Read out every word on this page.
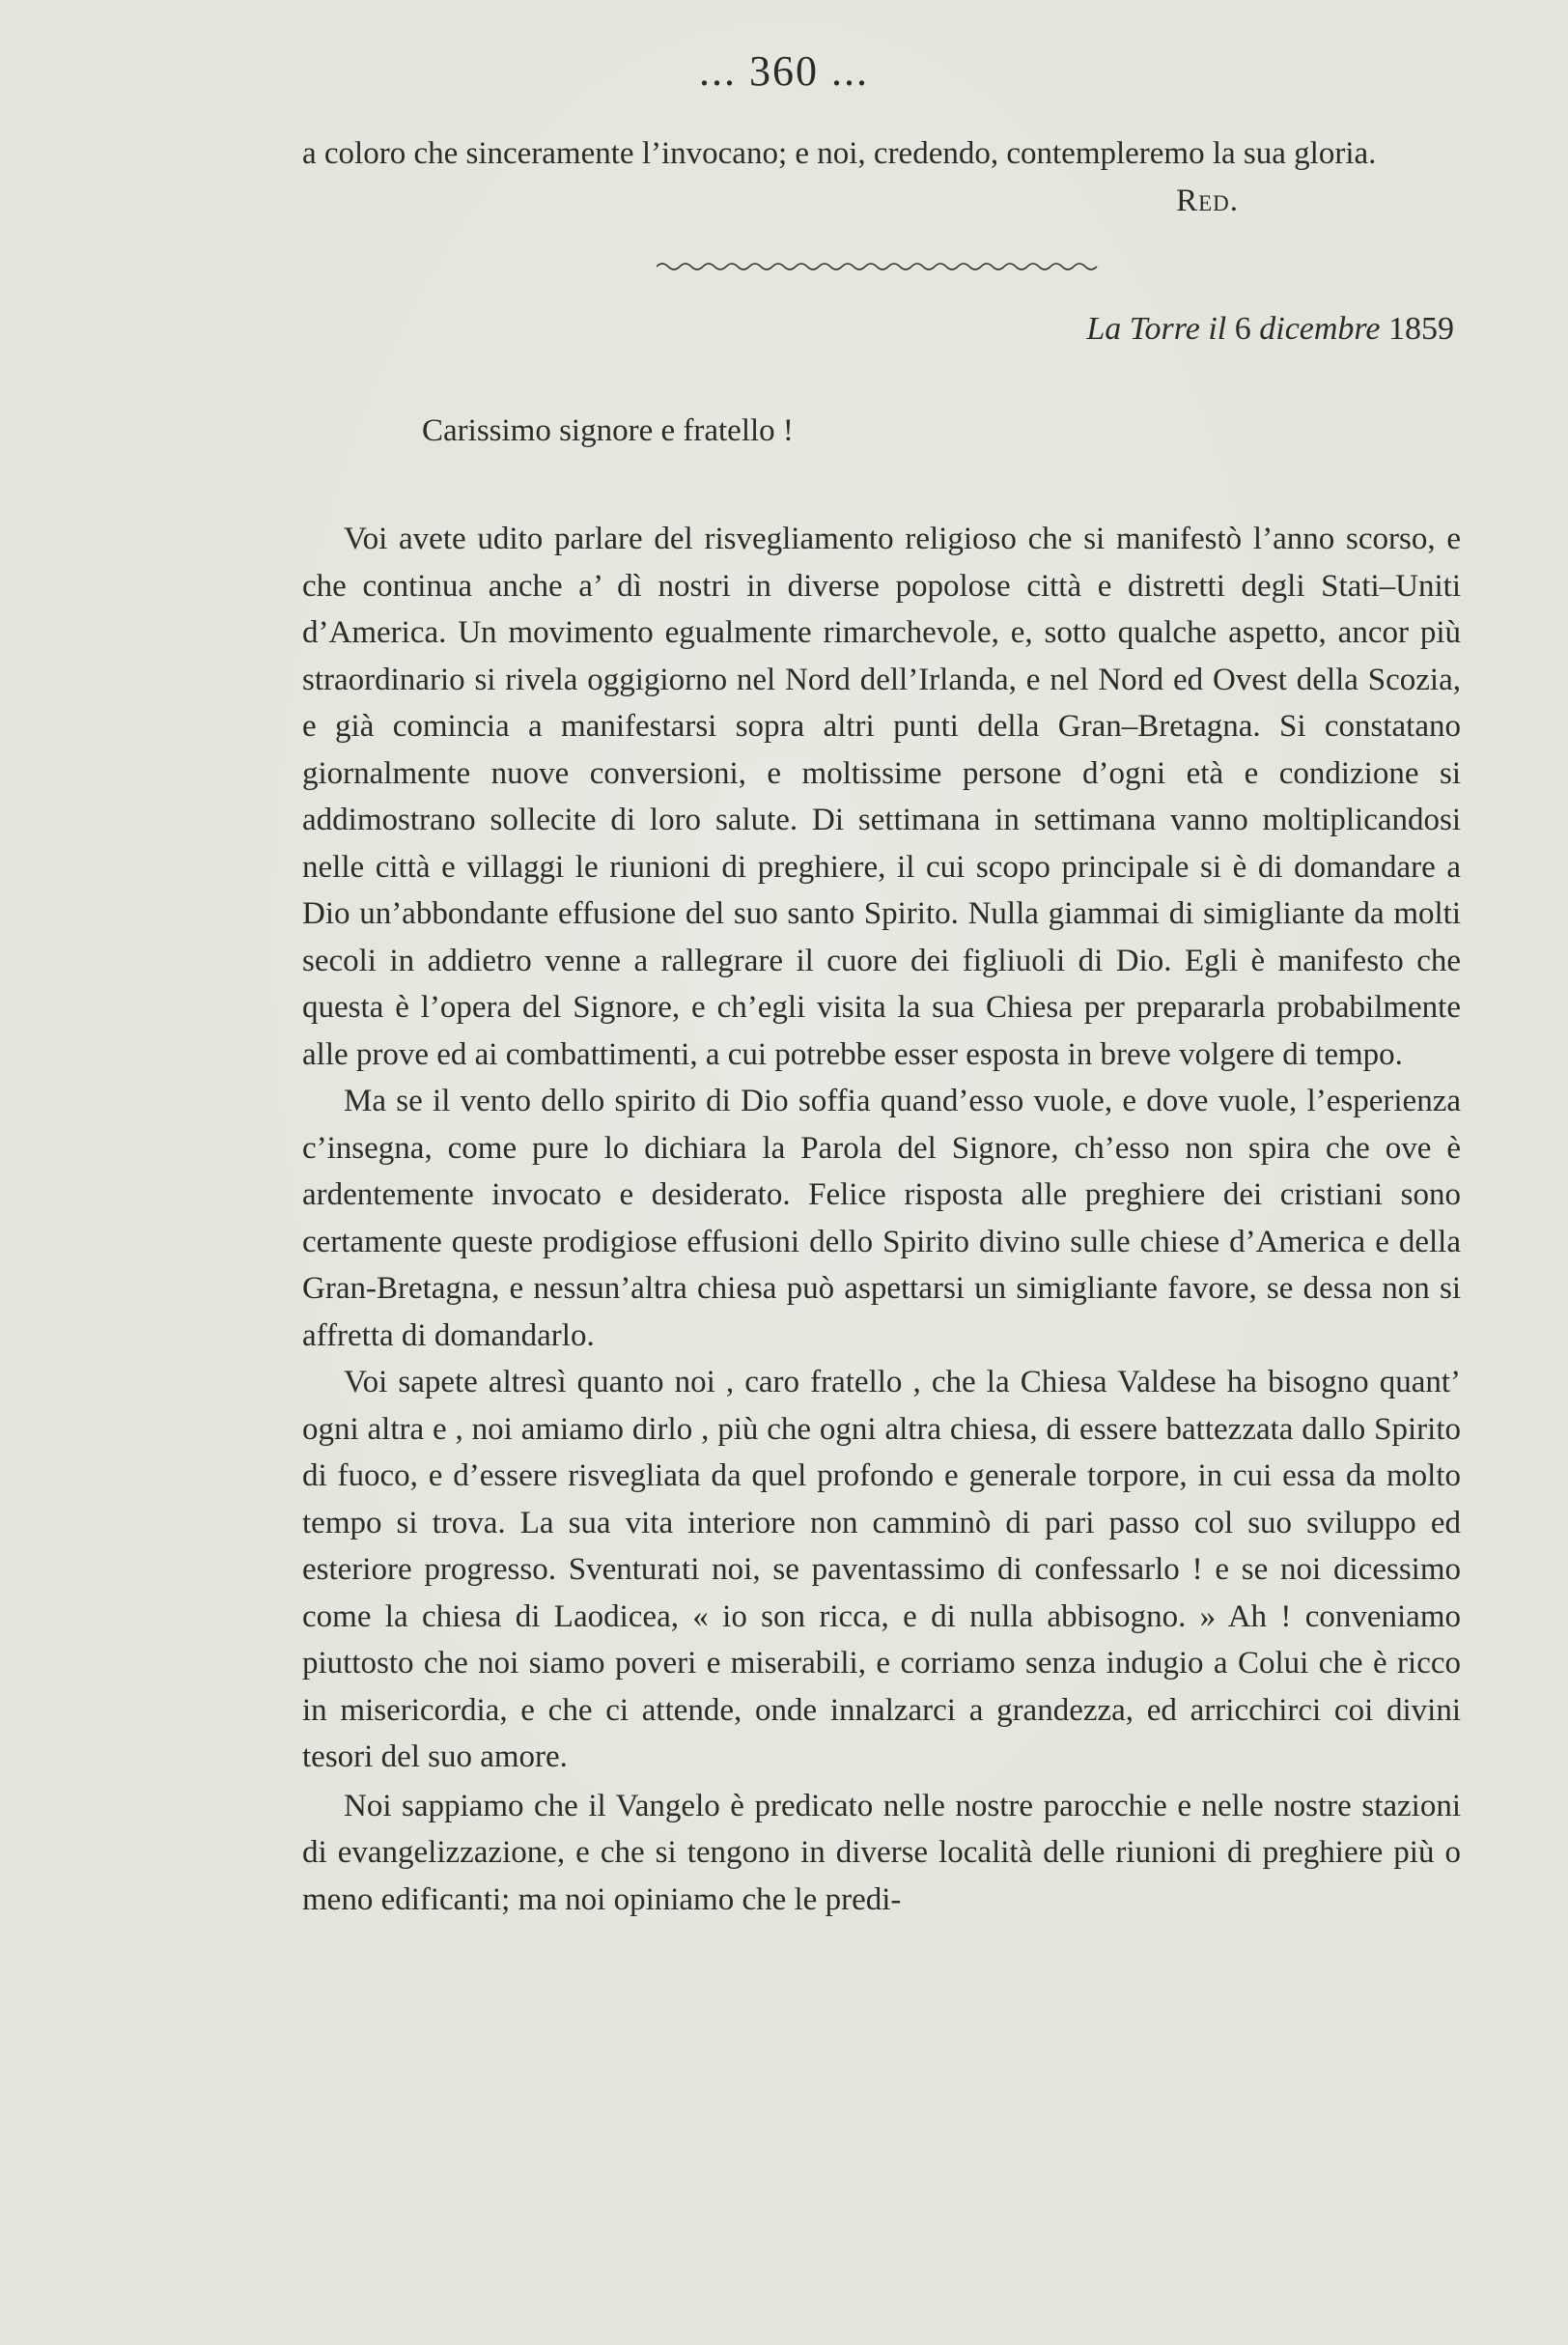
... 360 ...
a coloro che sinceramente l’invocano; e noi, credendo, contempleremo la sua gloria.
Red.
La Torre il 6 dicembre 1859
Carissimo signore e fratello !

Voi avete udito parlare del risvegliamento religioso che si manifestò l’anno scorso, e che continua anche a’ dì nostri in diverse popolose città e distretti degli Stati–Uniti d’America. Un movimento egualmente rimarchevole, e, sotto qualche aspetto, ancor più straordinario si rivela oggigiorno nel Nord dell’Irlanda, e nel Nord ed Ovest della Scozia, e già comincia a manifestarsi sopra altri punti della Gran–Bretagna. Si constatano giornalmente nuove conversioni, e moltissime persone d’ogni età e condizione si addimostrano sollecite di loro salute. Di settimana in settimana vanno moltiplicandosi nelle città e villaggi le riunioni di preghiere, il cui scopo principale si è di domandare a Dio un’abbondante effusione del suo santo Spirito. Nulla giammai di simigliante da molti secoli in addietro venne a rallegrare il cuore dei figliuoli di Dio. Egli è manifesto che questa è l’opera del Signore, e ch’egli visita la sua Chiesa per prepararla probabilmente alle prove ed ai combattimenti, a cui potrebbe esser esposta in breve volgere di tempo.

Ma se il vento dello spirito di Dio soffia quand’esso vuole, e dove vuole, l’esperienza c’insegna, come pure lo dichiara la Parola del Signore, ch’esso non spira che ove è ardentemente invocato e desiderato. Felice risposta alle preghiere dei cristiani sono certamente queste prodigiose effusioni dello Spirito divino sulle chiese d’America e della Gran-Bretagna, e nessun’altra chiesa può aspettarsi un simigliante favore, se dessa non si affretta di domandarlo.

Voi sapete altresì quanto noi , caro fratello , che la Chiesa Valdese ha bisogno quant’ ogni altra e , noi amiamo dirlo , più che ogni altra chiesa, di essere battezzata dallo Spirito di fuoco, e d’essere risvegliata da quel profondo e generale torpore, in cui essa da molto tempo si trova. La sua vita interiore non camminò di pari passo col suo sviluppo ed esteriore progresso. Sventurati noi, se paventassimo di confessarlo ! e se noi dicessimo come la chiesa di Laodicea, « io son ricca, e di nulla abbisogno. » Ah ! conveniamo piuttosto che noi siamo poveri e miserabili, e corriamo senza indugio a Colui che è ricco in misericordia, e che ci attende, onde innalzarci a grandezza, ed arricchirci coi divini tesori del suo amore.

Noi sappiamo che il Vangelo è predicato nelle nostre parocchie e nelle nostre stazioni di evangelizzazione, e che si tengono in diverse località delle riunioni di preghiere più o meno edificanti; ma noi opiniamo che le predi-
